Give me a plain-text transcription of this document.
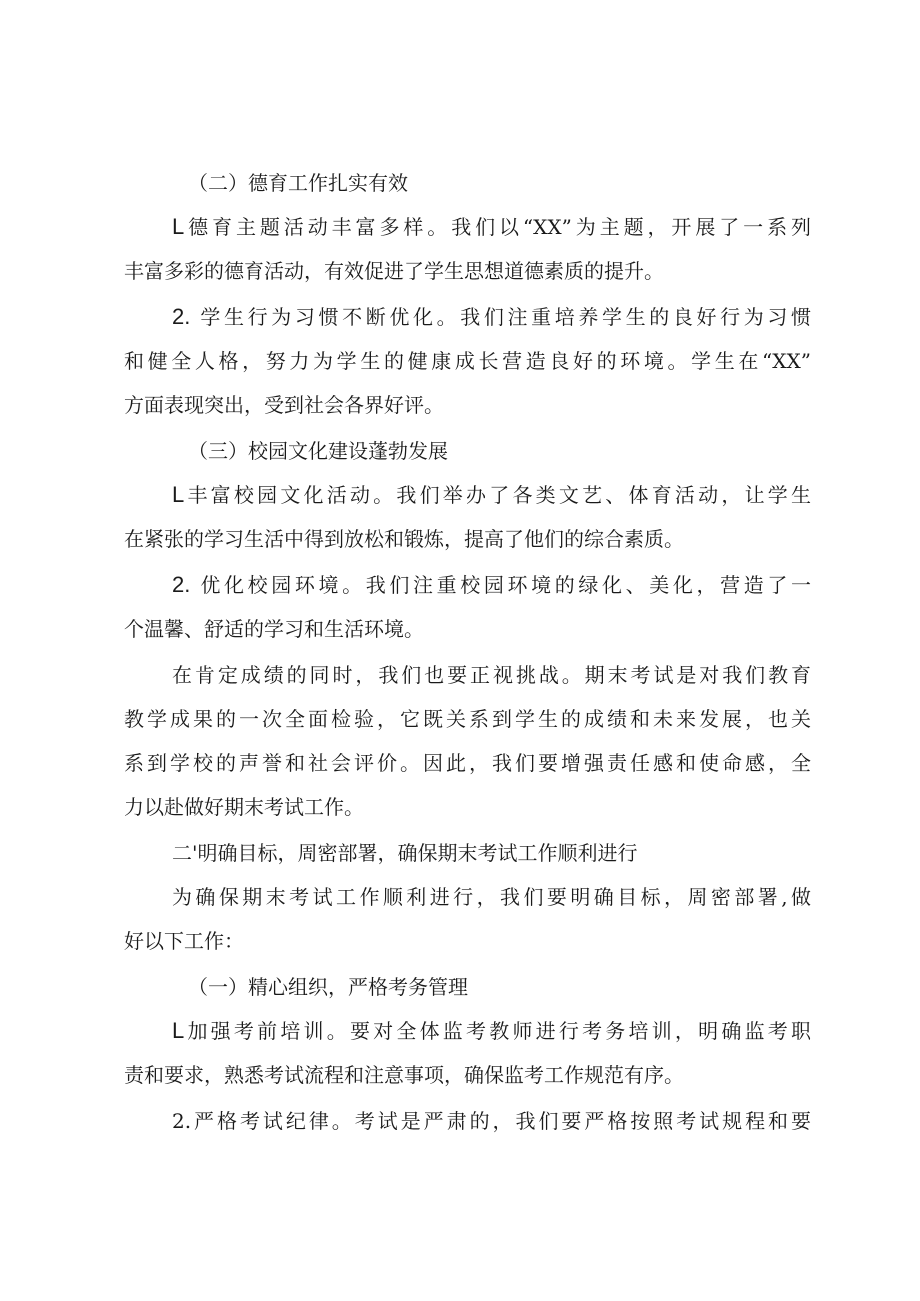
（二）德育工作扎实有效
L德育主题活动丰富多样。我们以“XX”为主题，开展了一系列
丰富多彩的德育活动，有效促进了学生思想道德素质的提升。
2. 学生行为习惯不断优化。我们注重培养学生的良好行为习惯
和健全人格，努力为学生的健康成长营造良好的环境。学生在“XX”
方面表现突出，受到社会各界好评。
（三）校园文化建设蓬勃发展
L丰富校园文化活动。我们举办了各类文艺、体育活动，让学生
在紧张的学习生活中得到放松和锻炼，提高了他们的综合素质。
2. 优化校园环境。我们注重校园环境的绿化、美化，营造了一
个温馨、舒适的学习和生活环境。
在肯定成绩的同时，我们也要正视挑战。期末考试是对我们教育
教学成果的一次全面检验，它既关系到学生的成绩和未来发展，也关
系到学校的声誉和社会评价。因此，我们要增强责任感和使命感，全
力以赴做好期末考试工作。
二'明确目标，周密部署，确保期末考试工作顺利进行
为确保期末考试工作顺利进行，我们要明确目标，周密部署,做
好以下工作：
（一）精心组织，严格考务管理
L加强考前培训。要对全体监考教师进行考务培训，明确监考职
责和要求，熟悉考试流程和注意事项，确保监考工作规范有序。
2.严格考试纪律。考试是严肃的，我们要严格按照考试规程和要
